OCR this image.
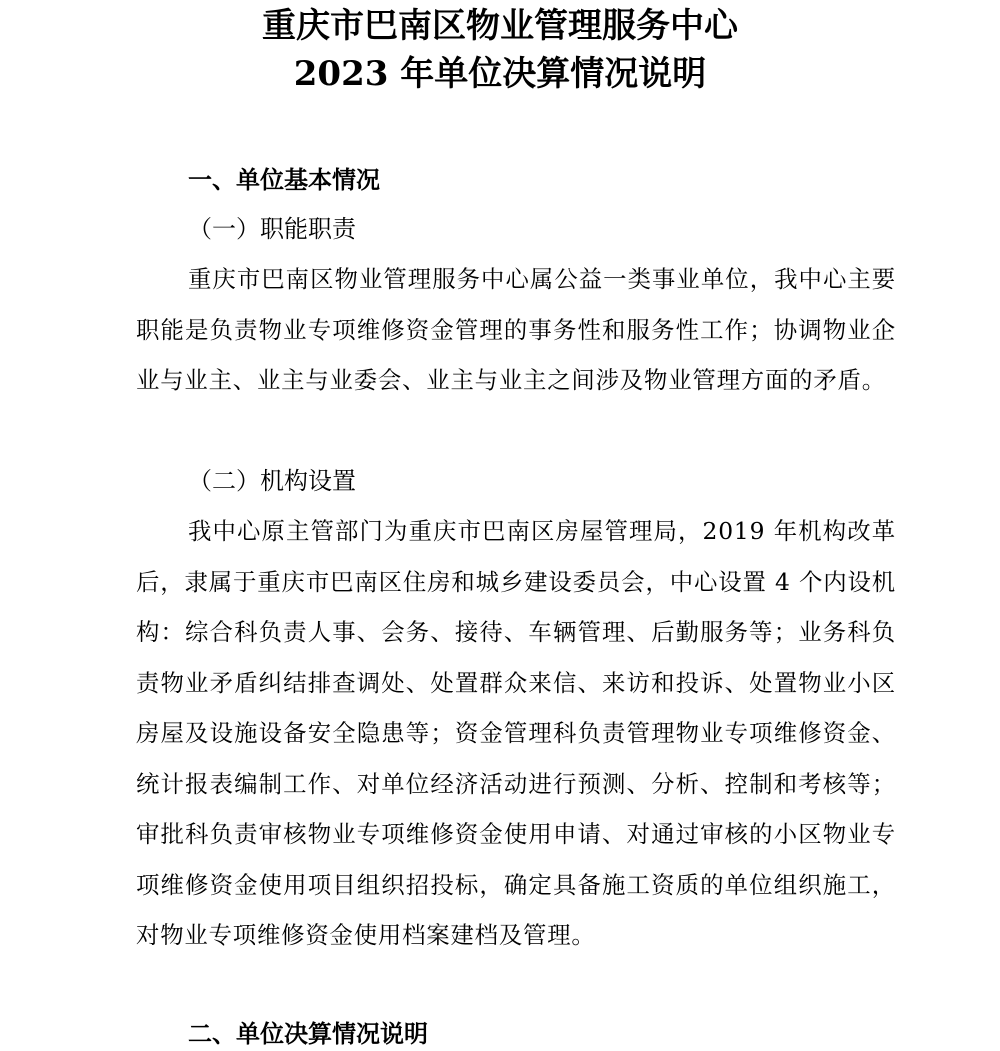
重庆市巴南区物业管理服务中心
2023 年单位决算情况说明
一、单位基本情况
（一）职能职责
重庆市巴南区物业管理服务中心属公益一类事业单位，我中心主要职能是负责物业专项维修资金管理的事务性和服务性工作；协调物业企业与业主、业主与业委会、业主与业主之间涉及物业管理方面的矛盾。
（二）机构设置
我中心原主管部门为重庆市巴南区房屋管理局，2019 年机构改革后，隶属于重庆市巴南区住房和城乡建设委员会，中心设置 4 个内设机构：综合科负责人事、会务、接待、车辆管理、后勤服务等；业务科负责物业矛盾纠结排查调处、处置群众来信、来访和投诉、处置物业小区房屋及设施设备安全隐患等；资金管理科负责管理物业专项维修资金、统计报表编制工作、对单位经济活动进行预测、分析、控制和考核等；审批科负责审核物业专项维修资金使用申请、对通过审核的小区物业专项维修资金使用项目组织招投标，确定具备施工资质的单位组织施工，对物业专项维修资金使用档案建档及管理。
二、单位决算情况说明
